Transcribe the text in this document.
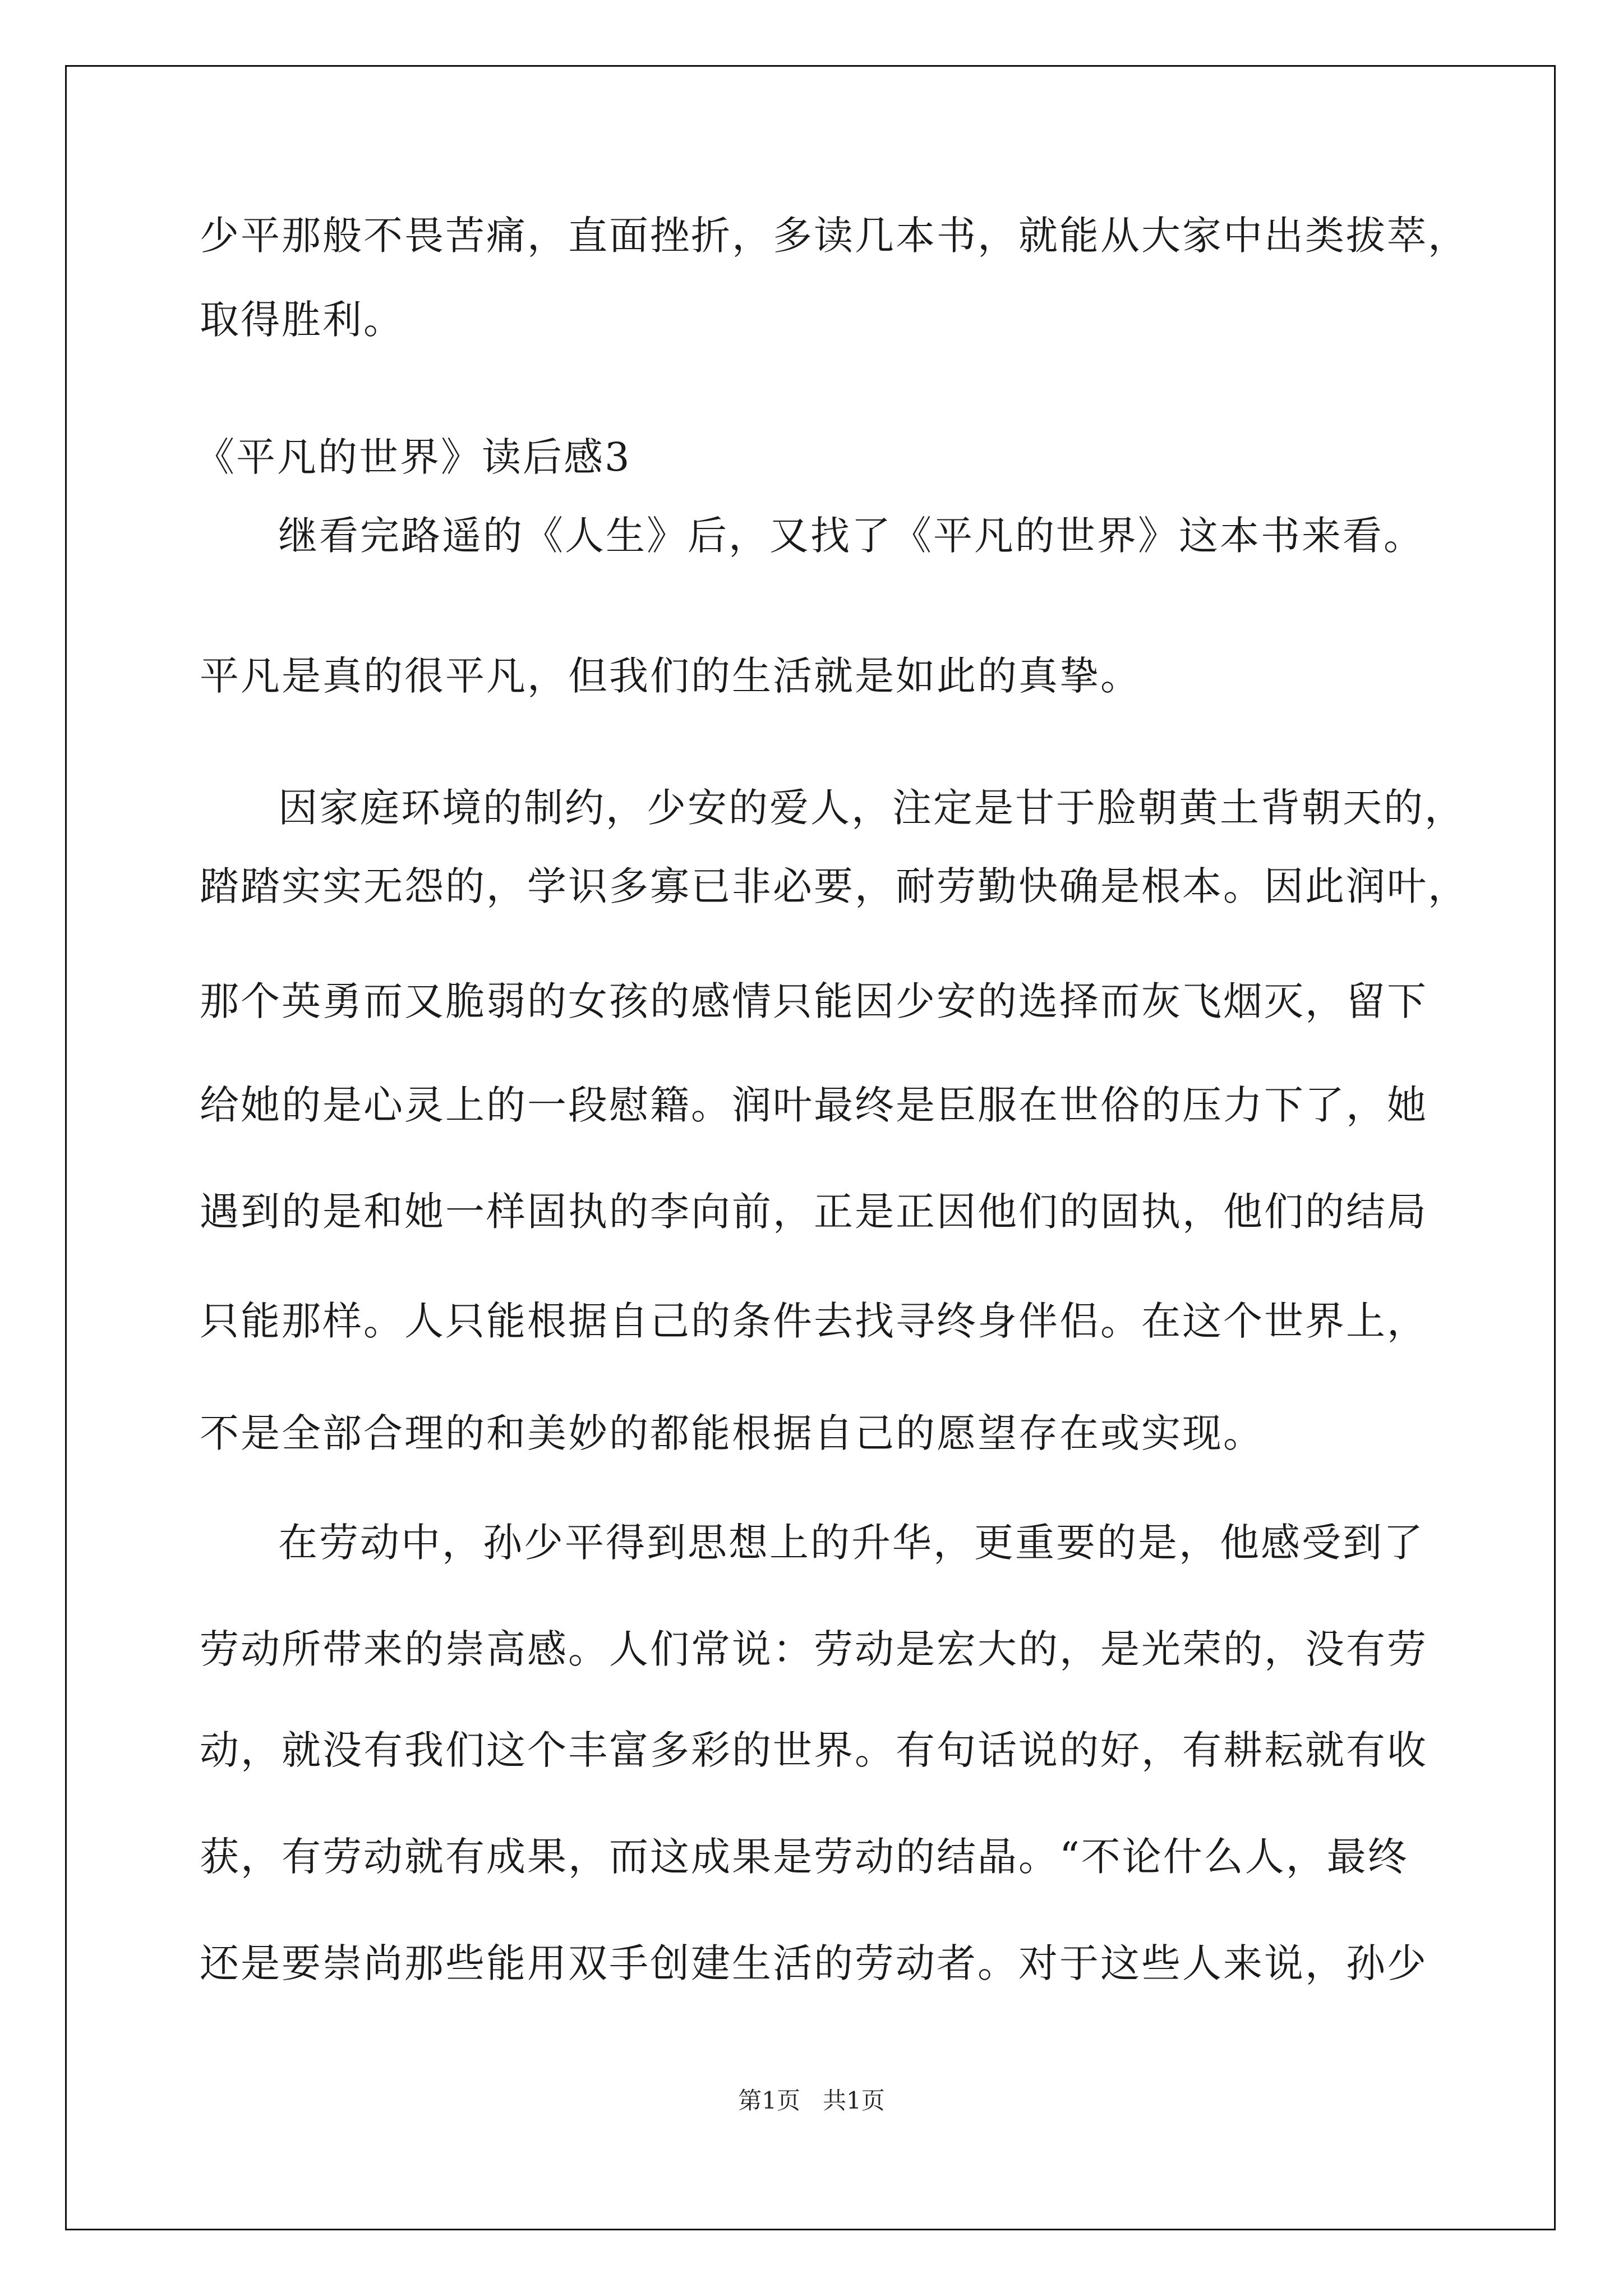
少平那般不畏苦痛，直面挫折，多读几本书，就能从大家中出类拔萃，
取得胜利。
《平凡的世界》读后感3
继看完路遥的《人生》后，又找了《平凡的世界》这本书来看。
平凡是真的很平凡，但我们的生活就是如此的真挚。
因家庭环境的制约，少安的爱人，注定是甘于脸朝黄土背朝天的，
踏踏实实无怨的，学识多寡已非必要，耐劳勤快确是根本。因此润叶，
那个英勇而又脆弱的女孩的感情只能因少安的选择而灰飞烟灭，留下
给她的是心灵上的一段慰籍。润叶最终是臣服在世俗的压力下了，她
遇到的是和她一样固执的李向前，正是正因他们的固执，他们的结局
只能那样。人只能根据自己的条件去找寻终身伴侣。在这个世界上，
不是全部合理的和美妙的都能根据自己的愿望存在或实现。
在劳动中，孙少平得到思想上的升华，更重要的是，他感受到了
劳动所带来的崇高感。人们常说：劳动是宏大的，是光荣的，没有劳
动，就没有我们这个丰富多彩的世界。有句话说的好，有耕耘就有收
获，有劳动就有成果，而这成果是劳动的结晶。“不论什么人，最终
还是要崇尚那些能用双手创建生活的劳动者。对于这些人来说，孙少
第1页 共1页
